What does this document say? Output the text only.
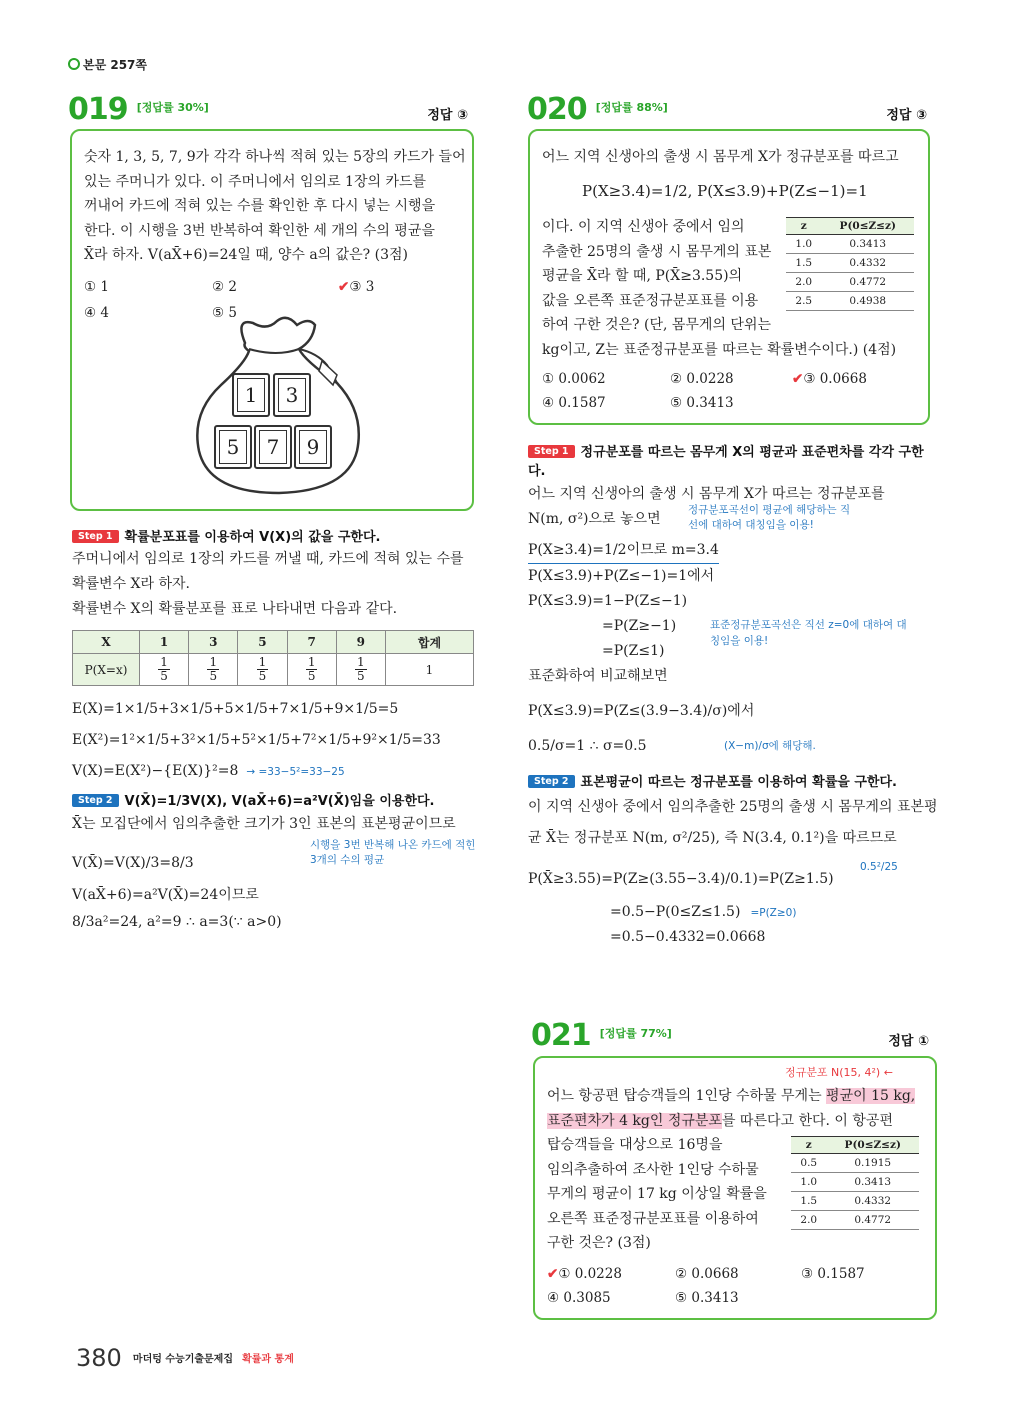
본문 257쪽
019 [정답률 30%]
정답 ③
숫자 1, 3, 5, 7, 9가 각각 하나씩 적혀 있는 5장의 카드가 들어
있는 주머니가 있다. 이 주머니에서 임의로 1장의 카드를
꺼내어 카드에 적혀 있는 수를 확인한 후 다시 넣는 시행을
한다. 이 시행을 3번 반복하여 확인한 세 개의 수의 평균을
X̄라 하자. V(aX̄+6)=24일 때, 양수 a의 값은? (3점)
① 1	② 2	✔③ 3
④ 4	⑤ 5
1	3
5	7	9
Step 1 확률분포표를 이용하여 V(X)의 값을 구한다.
주머니에서 임의로 1장의 카드를 꺼낼 때, 카드에 적혀 있는 수를
확률변수 X라 하자.
확률변수 X의 확률분포를 표로 나타내면 다음과 같다.
X	1	3	5	7	9	합계
P(X=x)	$\frac{1}{5}$	$\frac{1}{5}$	$\frac{1}{5}$	$\frac{1}{5}$	$\frac{1}{5}$	1
E(X)=1×1/5+3×1/5+5×1/5+7×1/5+9×1/5=5
E(X²)=1²×1/5+3²×1/5+5²×1/5+7²×1/5+9²×1/5=33
V(X)=E(X²)−{E(X)}²=8 → =33−5²=33−25
Step 2 V(X̄)=1/3V(X), V(aX̄+6)=a²V(X̄)임을 이용한다.
X̄는 모집단에서 임의추출한 크기가 3인 표본의 표본평균이므로
V(X̄)=V(X)/3=8/3
시행을 3번 반복해 나온 카드에 적힌 3개의 수의 평균
V(aX̄+6)=a²V(X̄)=24이므로
8/3a²=24, a²=9 ∴ a=3(∵ a>0)
020 [정답률 88%]
정답 ③
어느 지역 신생아의 출생 시 몸무게 X가 정규분포를 따르고
P(X≥3.4)=1/2, P(X≤3.9)+P(Z≤−1)=1
이다. 이 지역 신생아 중에서 임의
추출한 25명의 출생 시 몸무게의 표본
평균을 X̄라 할 때, P(X̄≥3.55)의
값을 오른쪽 표준정규분포표를 이용
하여 구한 것은? (단, 몸무게의 단위는
kg이고, Z는 표준정규분포를 따르는 확률변수이다.) (4점)
z	P(0≤Z≤z)
1.0	0.3413
1.5	0.4332
2.0	0.4772
2.5	0.4938
① 0.0062	② 0.0228	✔③ 0.0668
④ 0.1587	⑤ 0.3413
Step 1 정규분포를 따르는 몸무게 X의 평균과 표준편차를 각각 구한다.
어느 지역 신생아의 출생 시 몸무게 X가 따르는 정규분포를
N(m, σ²)으로 놓으면
정규분포곡선이 평균에 해당하는 직선에 대하여 대칭임을 이용!
P(X≥3.4)=1/2이므로 m=3.4
P(X≤3.9)+P(Z≤−1)=1에서
P(X≤3.9)=1−P(Z≤−1)
=P(Z≥−1)
=P(Z≤1)
표준정규분포곡선은 직선 z=0에 대하여 대칭임을 이용!
표준화하여 비교해보면
P(X≤3.9)=P(Z≤(3.9−3.4)/σ)에서
0.5/σ=1 ∴ σ=0.5	(X−m)/σ에 해당해.
Step 2 표본평균이 따르는 정규분포를 이용하여 확률을 구한다.
이 지역 신생아 중에서 임의추출한 25명의 출생 시 몸무게의 표본평
균 X̄는 정규분포 N(m, σ²/25), 즉 N(3.4, 0.1²)을 따르므로
0.5²/25
P(X̄≥3.55)=P(Z≥(3.55−3.4)/0.1)=P(Z≥1.5)
=0.5−P(0≤Z≤1.5) =P(Z≥0)
=0.5−0.4332=0.0668
021 [정답률 77%]
정답 ①
정규분포 N(15, 4²) ←
어느 항공편 탑승객들의 1인당 수하물 무게는 평균이 15 kg,
표준편차가 4 kg인 정규분포를 따른다고 한다. 이 항공편
탑승객들을 대상으로 16명을
임의추출하여 조사한 1인당 수하물
무게의 평균이 17 kg 이상일 확률을
오른쪽 표준정규분포표를 이용하여
구한 것은? (3점)
z	P(0≤Z≤z)
0.5	0.1915
1.0	0.3413
1.5	0.4332
2.0	0.4772
✔① 0.0228	② 0.0668	③ 0.1587
④ 0.3085	⑤ 0.3413
380 $^{마더텅 수능기출문제집}$ $^{확률과 통계}$
